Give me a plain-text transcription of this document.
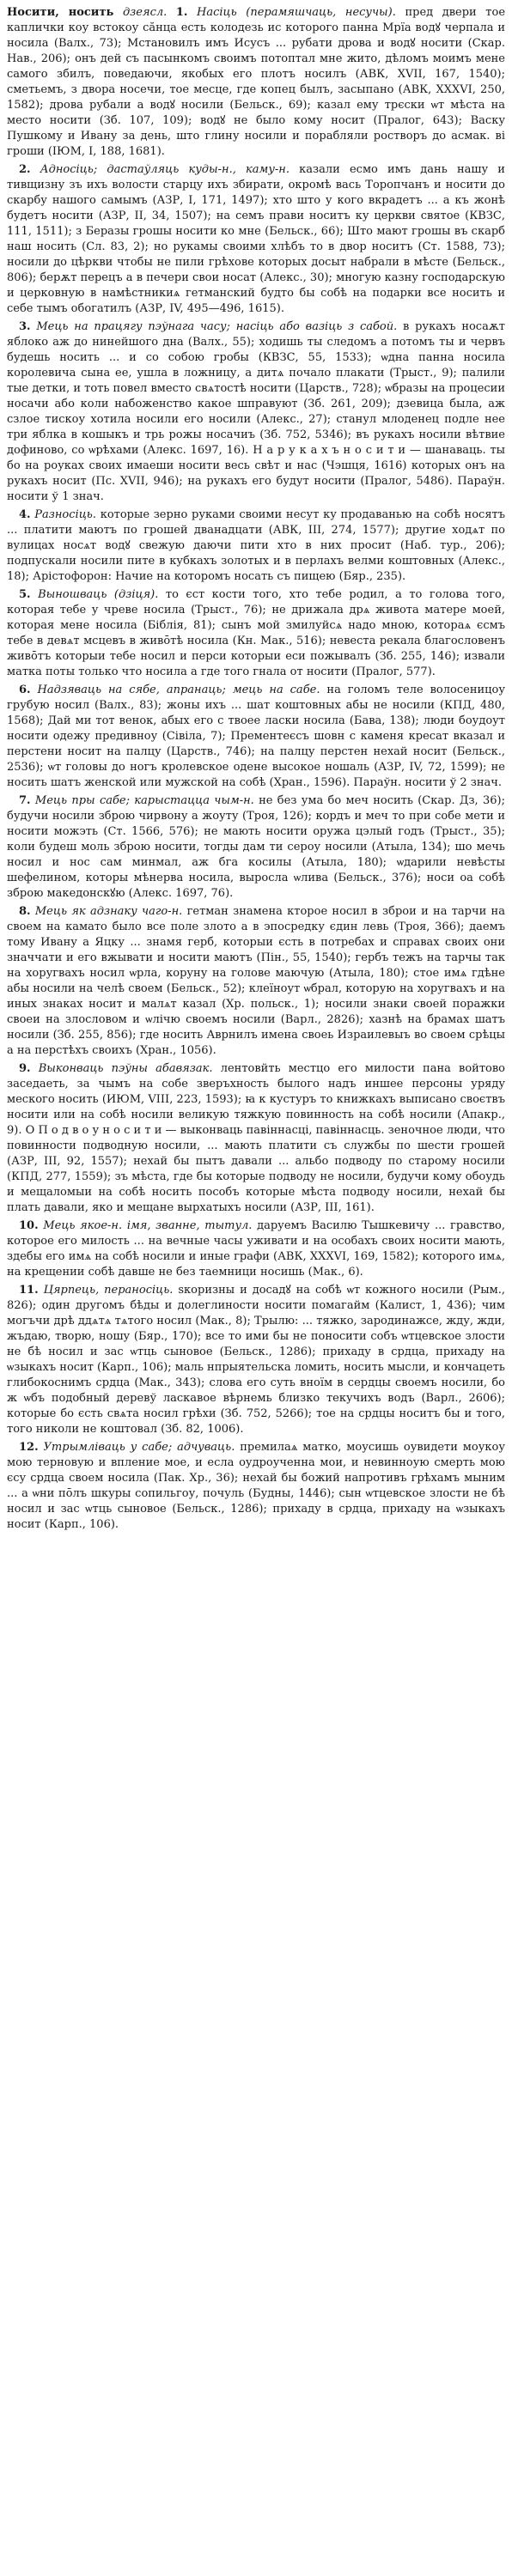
Носити, носить дзеясл. 1. Насіць (перамяшчаць, несучы). пред двери тое каплички коу встокоу сӑнца есть колодезь ис которого панна Мрїа водꙋ черпала и носила (Валх., 73); Мстановилъ имъ Исусъ ... рубати дрова и водꙋ носити (Скар. Нав., 206); онъ дей съ пасынкомъ своимъ потоптал мне жито, дѣломъ моимъ мене самого збилъ, поведаючи, якобых его плотъ носилъ (АВК, XVII, 167, 1540); сметьемъ, з двора носечи, тое месце, где копец былъ, засыпано (АВК, XXXVI, 250, 1582); дрова рубали а водꙋ носили (Бельск., 69); казал ему трєски ѡт мѣста на место носити (Зб. 107, 109); водꙋ не было кому носит (Пралог, 643); Васку Пушкому и Ивану за день, што глину носили и порабляли ростворъ до асмак. ві гроши (ІЮМ, I, 188, 1681).

2. Адносіць; дастаўляць куды-н., каму-н. казали есмо имъ дань нашу и тивщизну зъ ихъ волости старцу ихъ збирати, окромѣ вась Торопчанъ и носити до скарбу нашого самымъ (АЗР, I, 171, 1497); хто што у кого вкрадетъ ... а къ жонѣ будетъ носити (АЗР, II, 34, 1507); на семъ прави носитъ ку церкви святое (КВЗС, 111, 1511); з Беразы грошы носити ко мне (Бельск., 66); Што мают грошы въ скарб наш носить (Сл. 83, 2); но рукамы своими хлѣбъ то в двор носитъ (Ст. 1588, 73); носили до цѣркви чтобы не пили грѣхове которых досыт набрали в мѣсте (Бельск., 806); берѫт перецъ а в печери свои носат (Алекс., 30); многую казну господарскую и церковную в намѣстникиѧ гетманский будто бы собѣ на подарки все носить и себе тымъ обогатилъ (АЗР, IV, 495—496, 1615).

3. Мець на працягу пэўнага часу; насіць або вазіць з сабой. в рукахъ носаѫт яблоко аж до нинейшого дна (Валх., 55); ходишь ты следомъ а потомъ ты и червъ будешь носить ... и со собою гробы (КВЗС, 55, 1533); ѡдна панна носила королевича сына ее, ушла в ложницу, а дитѧ почало плакати (Трыст., 9); палили тые детки, и тоть повел вместо свѧтостѣ носити (Царств., 728); ѡбразы на процесии носачи або коли набоженство какое шправуют (Зб. 261, 209); дзевица была, аж сзлое тискоу хотила носили его носили (Алекс., 27); станул млоденец подле нее три яблка в кошыкъ и трь рожы носачиъ (Зб. 752, 5346); въ рукахъ носили вѣтвие дофиново, со ѡрѣхами (Алекс. 1697, 16). Н а р у к а х ъ н о с и т и — шанаваць. ты бо на роуках своих имаеши носити весь свѣт и нас (Чэшця, 1616) которых онъ на рукахъ носит (Пс. XVII, 946); на рукахъ его будут носити (Пралог, 5486). Параўн. носити ў 1 знач.

4. Разносіць. которые зерно руками своими несут ку продаванью на собѣ носятъ ... платити маютъ по грошей дванадцати (АВК, III, 274, 1577); другие ходѧт по вулицах носѧт водꙋ свежую даючи пити хто в них просит (Наб. тур., 206); подпускали носили пите в кубкахъ золотых и в перлахъ велми коштовных (Алекс., 18); Арістофорон: Начие на которомъ носать съ пищею (Бяр., 235).

5. Выношваць (дзіця). то єст кости того, хто тебе родил, а то голова того, которая тебе у чреве носила (Трыст., 76); не дрижала дрѧ живота матере моей, которая мене носила (Біблія, 81); сынъ мой змилуйсѧ надо мною, котораѧ єсмъ тебе в девѧт мсцевъ в живо̄тѣ носила (Кн. Мак., 516); невеста рекала благословенъ живо̄тъ которыи тебе носил и перси которыи еси пожывалъ (Зб. 255, 146); извали матка поты только что носила а где того гнала от носити (Пралог, 577).

6. Надзяваць на сябе, апранаць; мець на сабе. на голомъ теле волосеницоу грубую носил (Валх., 83); жоны ихъ ... шат коштовных абы не носили (КПД, 480, 1568); Дай ми тот венок, абых его с твоее ласки носила (Бава, 138); люди боудоут носити одежу предивноу (Сівіла, 7); Прементеєсъ шовн с каменя кресат вказал и перстени носит на палцу (Царств., 746); на палцу перстен нехай носит (Бельск., 2536); ѡт головы до ногъ кролевское одене высокое ношаль (АЗР, IV, 72, 1599); не носить шатъ женской или мужской на собѣ (Хран., 1596). Параўн. носити ў 2 знач.

7. Мець пры сабе; карыстацца чым-н. не без ума бо меч носить (Скар. Дз, 36); будучи носили зброю чирвону а жоуту (Троя, 126); кордъ и меч то при собе мети и носити можэть (Ст. 1566, 576); не мають носити оружа цэлый годъ (Трыст., 35); коли будеш моль зброю носити, тогды дам ти сероу носили (Атыла, 134); шо мечь носил и нос сам минмал, аж бга косилы (Атыла, 180); ѡдарили невѣсты шефелином, которы мѣнерва носила, выросла ѡлива (Бельск., 376); носи оа собѣ зброю македонскꙋю (Алекс. 1697, 76).

8. Мець як адзнаку чаго-н. гетман знамена кторое носил в зброи и на тарчи на своем на камато было все поле злото а в эпосредку єдин левь (Троя, 366); даемъ тому Ивану а Яцку ... знамя герб, которыи єсть в потребах и справах своих они значчати и его вжывати и носити маютъ (Пін., 55, 1540); гербъ тежъ на тарчы так на хоругвахъ носил ѡрла, коруну на голове маючую (Атыла, 180); стое имѧ гдѣне абы носили на челѣ своем (Бельск., 52); клеїноут ѡбрал, которую на хоругвахъ и на иных знаках носит и малѧт казал (Хр. польск., 1); носили знаки своей поражки своеи на злословом и ѡлічю своемъ носили (Варл., 2826); хазнѣ на брамах шатъ носили (Зб. 255, 856); где носить Аврнилъ имена своеь Израилевыъ во своем срѣцы а на перстѣхъ своихъ (Хран., 1056).

9. Выконваць пэўны абавязак. лентовйть местцо его милости пана войтово заседаеть, за чымъ на собе зверъхность былого надъ иншее персоны уряду меского носить (ИЮМ, VIII, 223, 1593); ꙗ к кустуръ то книжкахъ выписано своєтвъ носити или на собѣ носили великую тяжкую повинность на собѣ носили (Апакр., 9). О П о д в о у н о с и т и — выконваць павіннасці, павіннасць. зеночное люди, что повинности подводную носили, ... мають платити съ службы по шести грошей (АЗР, III, 92, 1557); нехай бы пытъ давали ... альбо подводу по старому носили (КПД, 277, 1559); зъ мѣста, где бы которые подводу не носили, будучи кому обоудь и мещаломыи на собѣ носить пособъ которые мѣста подводу носили, нехай бы плать давали, яко и мещане вырхатыхъ носили (АЗР, III, 161).

10. Мець якое-н. імя, званне, тытул. даруемъ Василю Тышкевичу ... гравство, которое его милость ... на вечные часы уживати и на особахъ своих носити мають, здебы его имѧ на собѣ носили и иные графи (АВК, XXXVI, 169, 1582); которого имѧ, на крещении собѣ давше не без таемници носишь (Мак., 6).

11. Цярпець, пераносіць. ѕкоризны и досадꙋ на собѣ ѡт кожного носили (Рым., 826); один другомъ бѣды и долеглиности носити помагайм (Калист, 1, 436); чим могъчи дрѣ ддѧтѧ тѧтого носил (Мак., 8); Трылю: ... тяжко, зародинажсе, жду, жди, жъдаю, творю, ношу (Бяр., 170); все то ими бы не поносити собъ ѡтцевское злости не бѣ носил и зас ѡтць сыновое (Бельск., 1286); прихаду в срдца, прихаду на ѡзыкахъ носит (Карп., 106); маль нпрыятельска ломить, носить мысли, и кончацеть глибокоснимъ срдца (Мак., 343); слова его суть вноїм в сердцы своемъ носили, бо ж ѡбъ подобный деревў ласкавое вѣрнемь близко текучихъ водъ (Варл., 2606); которые бо єсть свѧта носил грѣхи (Зб. 752, 5266); тое на срдцы носитъ бы и того, того николи не коштовал (Зб. 82, 1006).

12. Утрымліваць у сабе; адчуваць. премилаѧ матко, моусишь оувидети моукоу мою терновую и впление мое, и есла оудроученна мои, и невинноую смерть мою єсу срдца своем носила (Пак. Хр., 36); нехай бы божий напротивъ грѣхамъ мыним ... а ѡни по̄лъ шкуры сопильгоу, почуль (Будны, 1446); сын ѡтцевское злости не бѣ носил и зас ѡтць сыновое (Бельск., 1286); прихаду в срдца, прихаду на ѡзыкахъ носит (Карп., 106).
